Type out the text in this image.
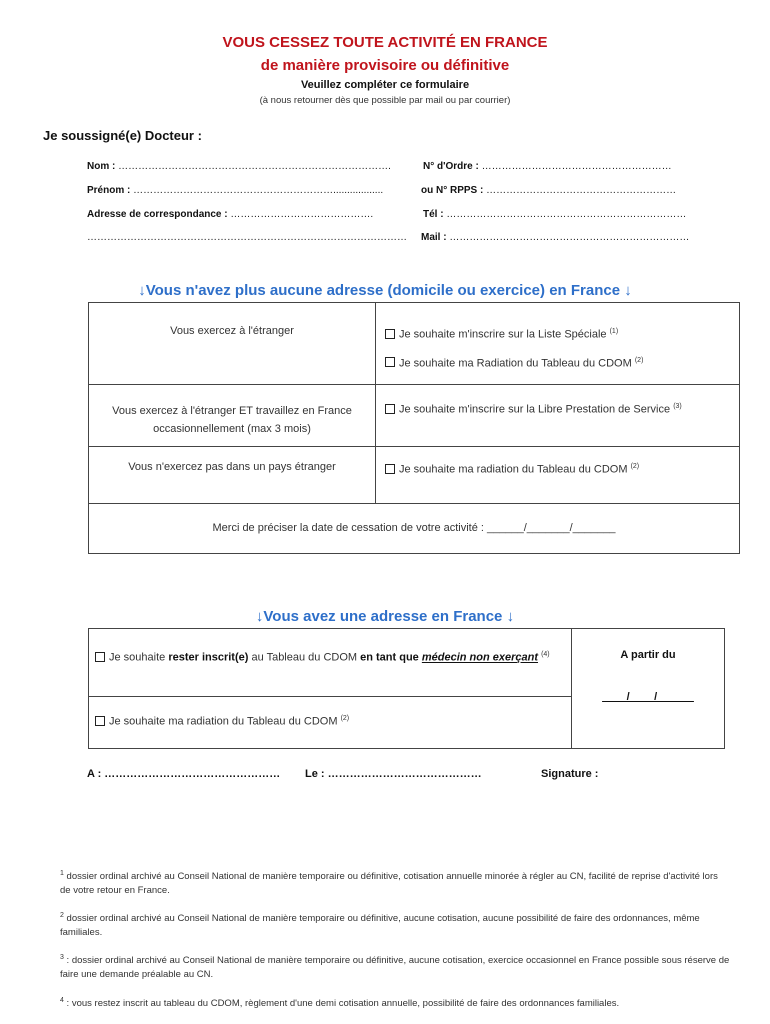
VOUS CESSEZ TOUTE ACTIVITÉ EN FRANCE
de manière provisoire ou définitive
Veuillez compléter ce formulaire
(à nous retourner dès que possible par mail ou par courrier)
Je soussigné(e) Docteur :
Nom : ……………………………………………………………………….
Prénom : ……………………………………………………..................
Adresse de correspondance : …………………………………….
……………………………………………………………………………………
N° d'Ordre : …………………………………………………
ou N° RPPS : …………………………………………………
Tél : ………………………………………………………………
Mail : ………………………………………………………………
↓Vous n'avez plus aucune adresse (domicile ou exercice) en France ↓
Vous exercez à l'étranger	Je souhaite m'inscrire sur la Liste Spéciale $^{(1)}$
Je souhaite ma Radiation du Tableau du CDOM $^{(2)}$

Vous exercez à l'étranger ET travaillez en France occasionnellement (max 3 mois)	Je souhaite m'inscrire sur la Libre Prestation de Service $^{(3)}$

Vous n'exercez pas dans un pays étranger	Je souhaite ma radiation du Tableau du CDOM $^{(2)}$

Merci de préciser la date de cessation de votre activité : ______/_______/_______	
↓Vous avez une adresse en France ↓
Je souhaite rester inscrit(e) au Tableau du CDOM en tant que médecin non exerçant $^{(4)}$	A partir du
____/____/______

Je souhaite ma radiation du Tableau du CDOM $^{(2)}$
A : ………………………………………… Le : ……………………………………	Signature :
$^1$ dossier ordinal archivé au Conseil National de manière temporaire ou définitive, cotisation annuelle minorée à régler au CN, facilité de reprise d'activité lors de votre retour en France.
$^2$ dossier ordinal archivé au Conseil National de manière temporaire ou définitive, aucune cotisation, aucune possibilité de faire des ordonnances, même familiales.
$^3$ : dossier ordinal archivé au Conseil National de manière temporaire ou définitive, aucune cotisation, exercice occasionnel en France possible sous réserve de faire une demande préalable au CN.
$^4$ : vous restez inscrit au tableau du CDOM, règlement d'une demi cotisation annuelle, possibilité de faire des ordonnances familiales.
